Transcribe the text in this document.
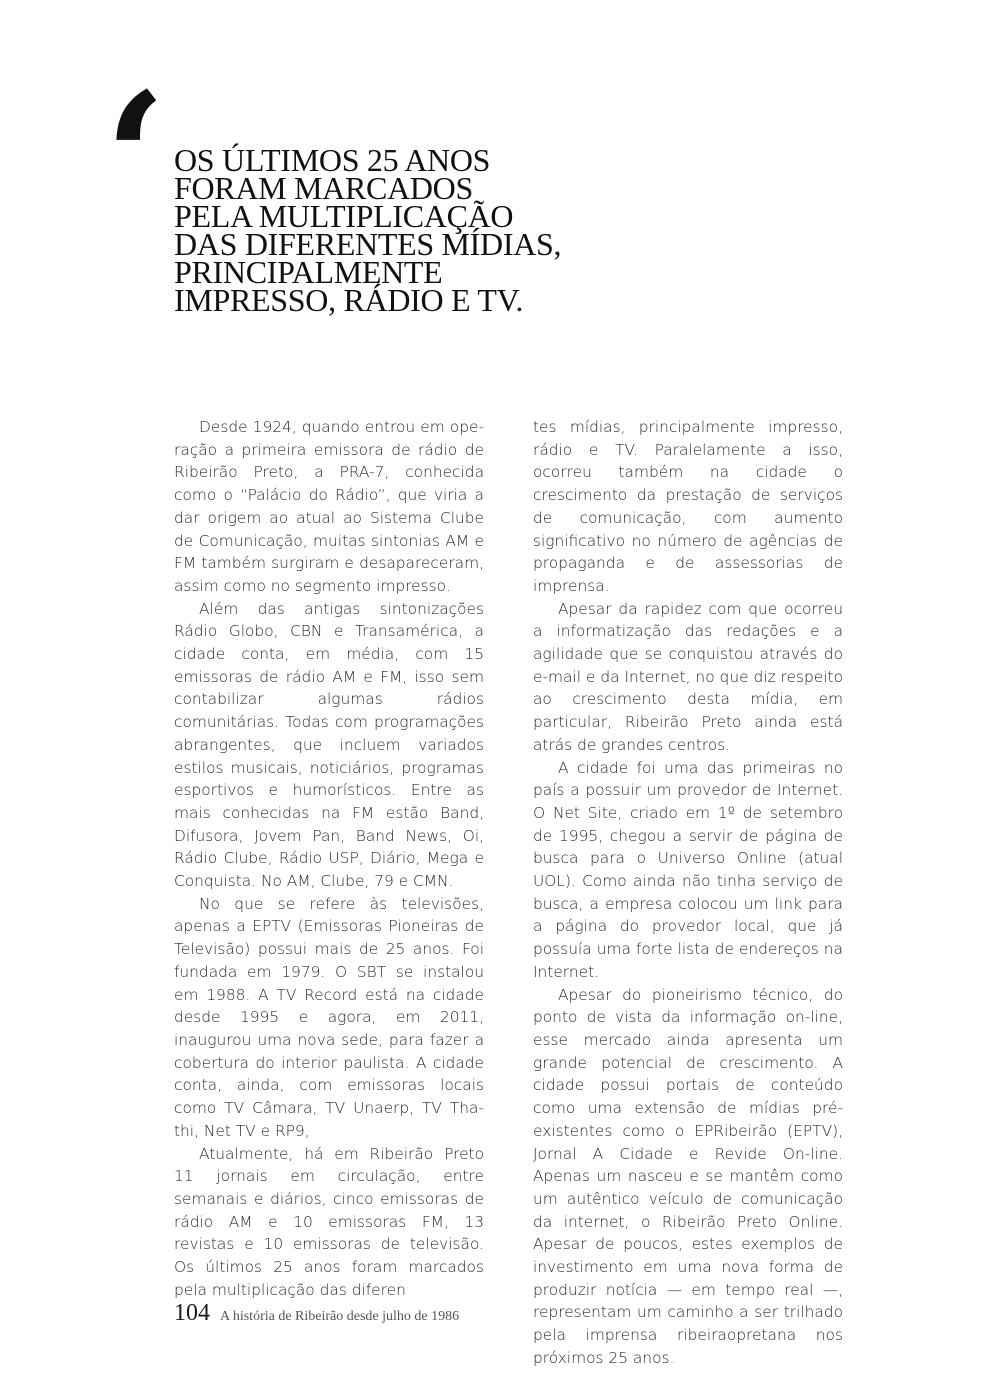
‘ OS ÚLTIMOS 25 ANOS
FORAM MARCADOS
PELA MULTIPLICAÇÃO
DAS DIFERENTES MÍDIAS,
PRINCIPALMENTE
IMPRESSO, RÁDIO E TV.

Desde 1924, quando entrou em operação a primeira emissora de rádio de Ribeirão Preto, a PRA-7, conhecida como o “Palácio do Rádio”, que viria a dar origem ao atual ao Sistema Clube de Comunicação, muitas sintonias AM e FM também surgiram e desapareceram, assim como no segmento impresso.

Além das antigas sintonizações Rádio Globo, CBN e Transamérica, a cidade conta, em média, com 15 emissoras de rádio AM e FM, isso sem contabilizar algumas rádios comunitárias. Todas com programações abrangentes, que incluem variados estilos musicais, noticiários, programas esportivos e humorísticos. Entre as mais conhecidas na FM estão Band, Difusora, Jovem Pan, Band News, Oi, Rádio Clube, Rádio USP, Diário, Mega e Conquista. No AM, Clube, 79 e CMN.

No que se refere às televisões, apenas a EPTV (Emissoras Pioneiras de Televisão) possui mais de 25 anos. Foi fundada em 1979. O SBT se instalou em 1988. A TV Record está na cidade desde 1995 e agora, em 2011, inaugurou uma nova sede, para fazer a cobertura do interior paulista. A cidade conta, ainda, com emissoras locais como TV Câmara, TV Unaerp, TV Thathi, Net TV e RP9,

Atualmente, há em Ribeirão Preto 11 jornais em circulação, entre semanais e diários, cinco emissoras de rádio AM e 10 emissoras FM, 13 revistas e 10 emissoras de televisão. Os últimos 25 anos foram marcados pela multiplicação das diferen

tes mídias, principalmente impresso, rádio e TV. Paralelamente a isso, ocorreu também na cidade o crescimento da prestação de serviços de comunicação, com aumento significativo no número de agências de propaganda e de assessorias de imprensa.

Apesar da rapidez com que ocorreu a informatização das redações e a agilidade que se conquistou através do e-mail e da Internet, no que diz respeito ao crescimento desta mídia, em particular, Ribeirão Preto ainda está atrás de grandes centros.

A cidade foi uma das primeiras no país a possuir um provedor de Internet. O Net Site, criado em 1º de setembro de 1995, chegou a servir de página de busca para o Universo Online (atual UOL). Como ainda não tinha serviço de busca, a empresa colocou um link para a página do provedor local, que já possuía uma forte lista de endereços na Internet.

Apesar do pioneirismo técnico, do ponto de vista da informação on-line, esse mercado ainda apresenta um grande potencial de crescimento. A cidade possui portais de conteúdo como uma extensão de mídias pré-existentes como o EPRibeirão (EPTV), Jornal A Cidade e Revide On-line. Apenas um nasceu e se mantêm como um autêntico veículo de comunicação da internet, o Ribeirão Preto Online. Apesar de poucos, estes exemplos de investimento em uma nova forma de produzir notícia — em tempo real —, representam um caminho a ser trilhado pela imprensa ribeiraopretana nos próximos 25 anos.

104 A história de Ribeirão desde julho de 1986
